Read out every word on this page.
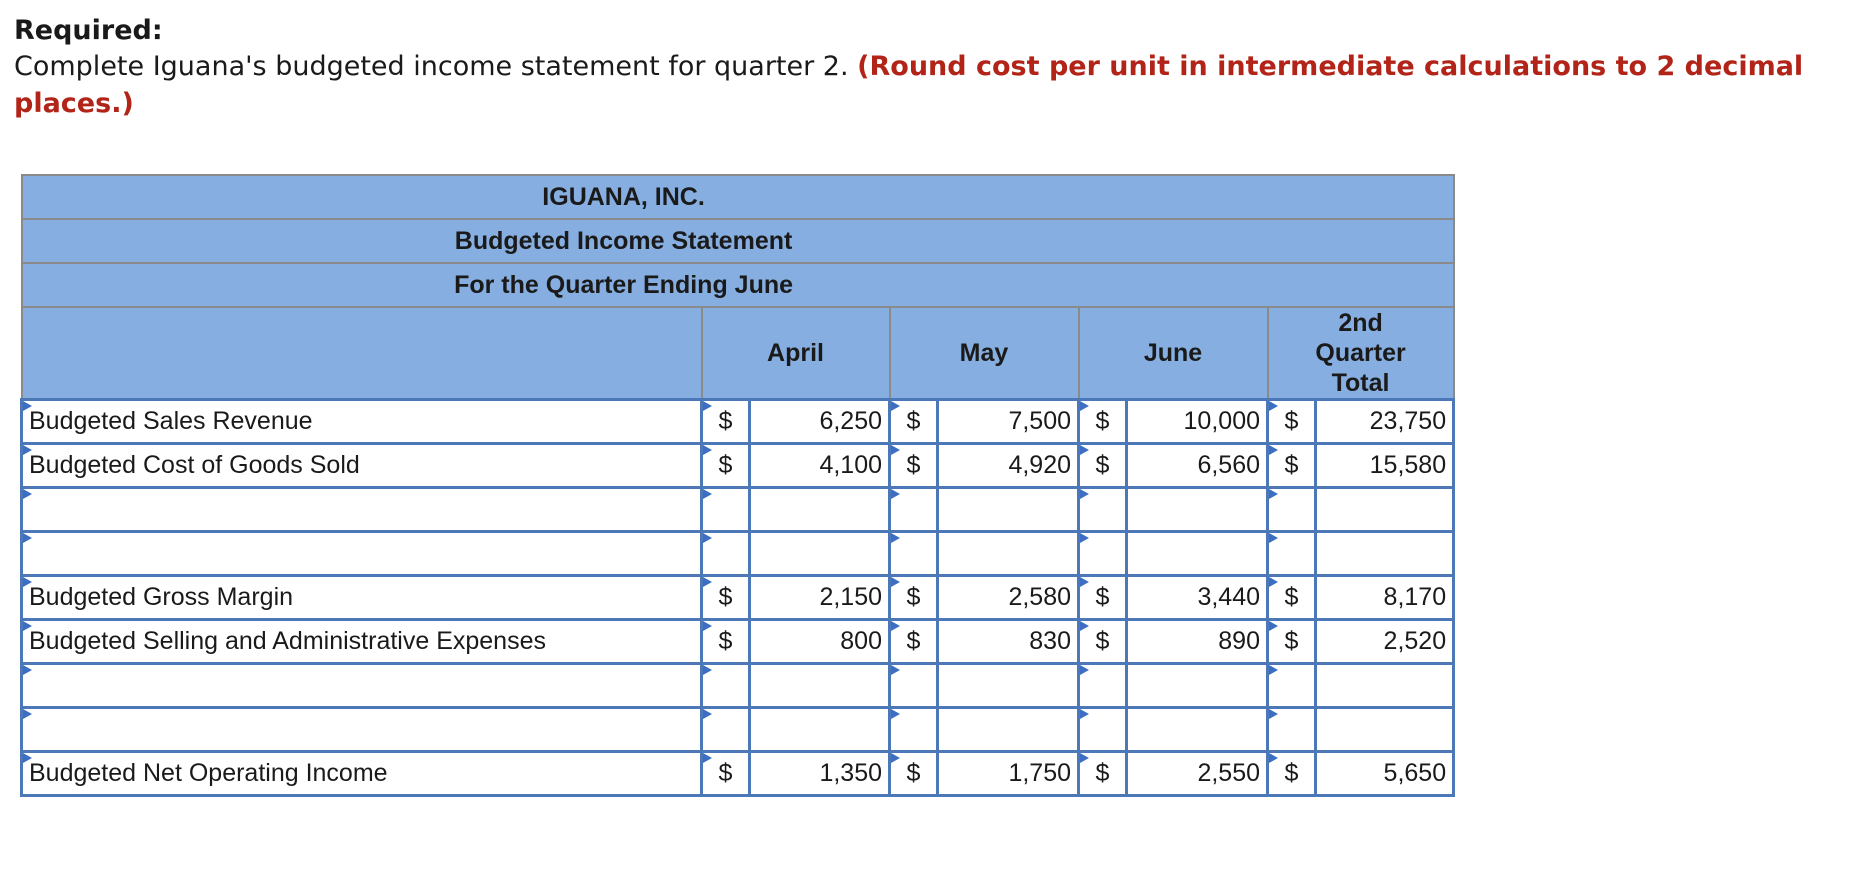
Required:
Complete Iguana's budgeted income statement for quarter 2. (Round cost per unit in intermediate calculations to 2 decimal places.)
IGUANA, INC.								
Budgeted Income Statement								
For the Quarter Ending June								
	April		May		June		2nd Quarter Total	

Budgeted Sales Revenue	$	6,250	$	7,500	$	10,000	$	23,750

Budgeted Cost of Goods Sold	$	4,100	$	4,920	$	6,560	$	15,580

Budgeted Gross Margin	$	2,150	$	2,580	$	3,440	$	8,170

Budgeted Selling and Administrative Expenses	$	800	$	830	$	890	$	2,520

Budgeted Net Operating Income	$	1,350	$	1,750	$	2,550	$	5,650
